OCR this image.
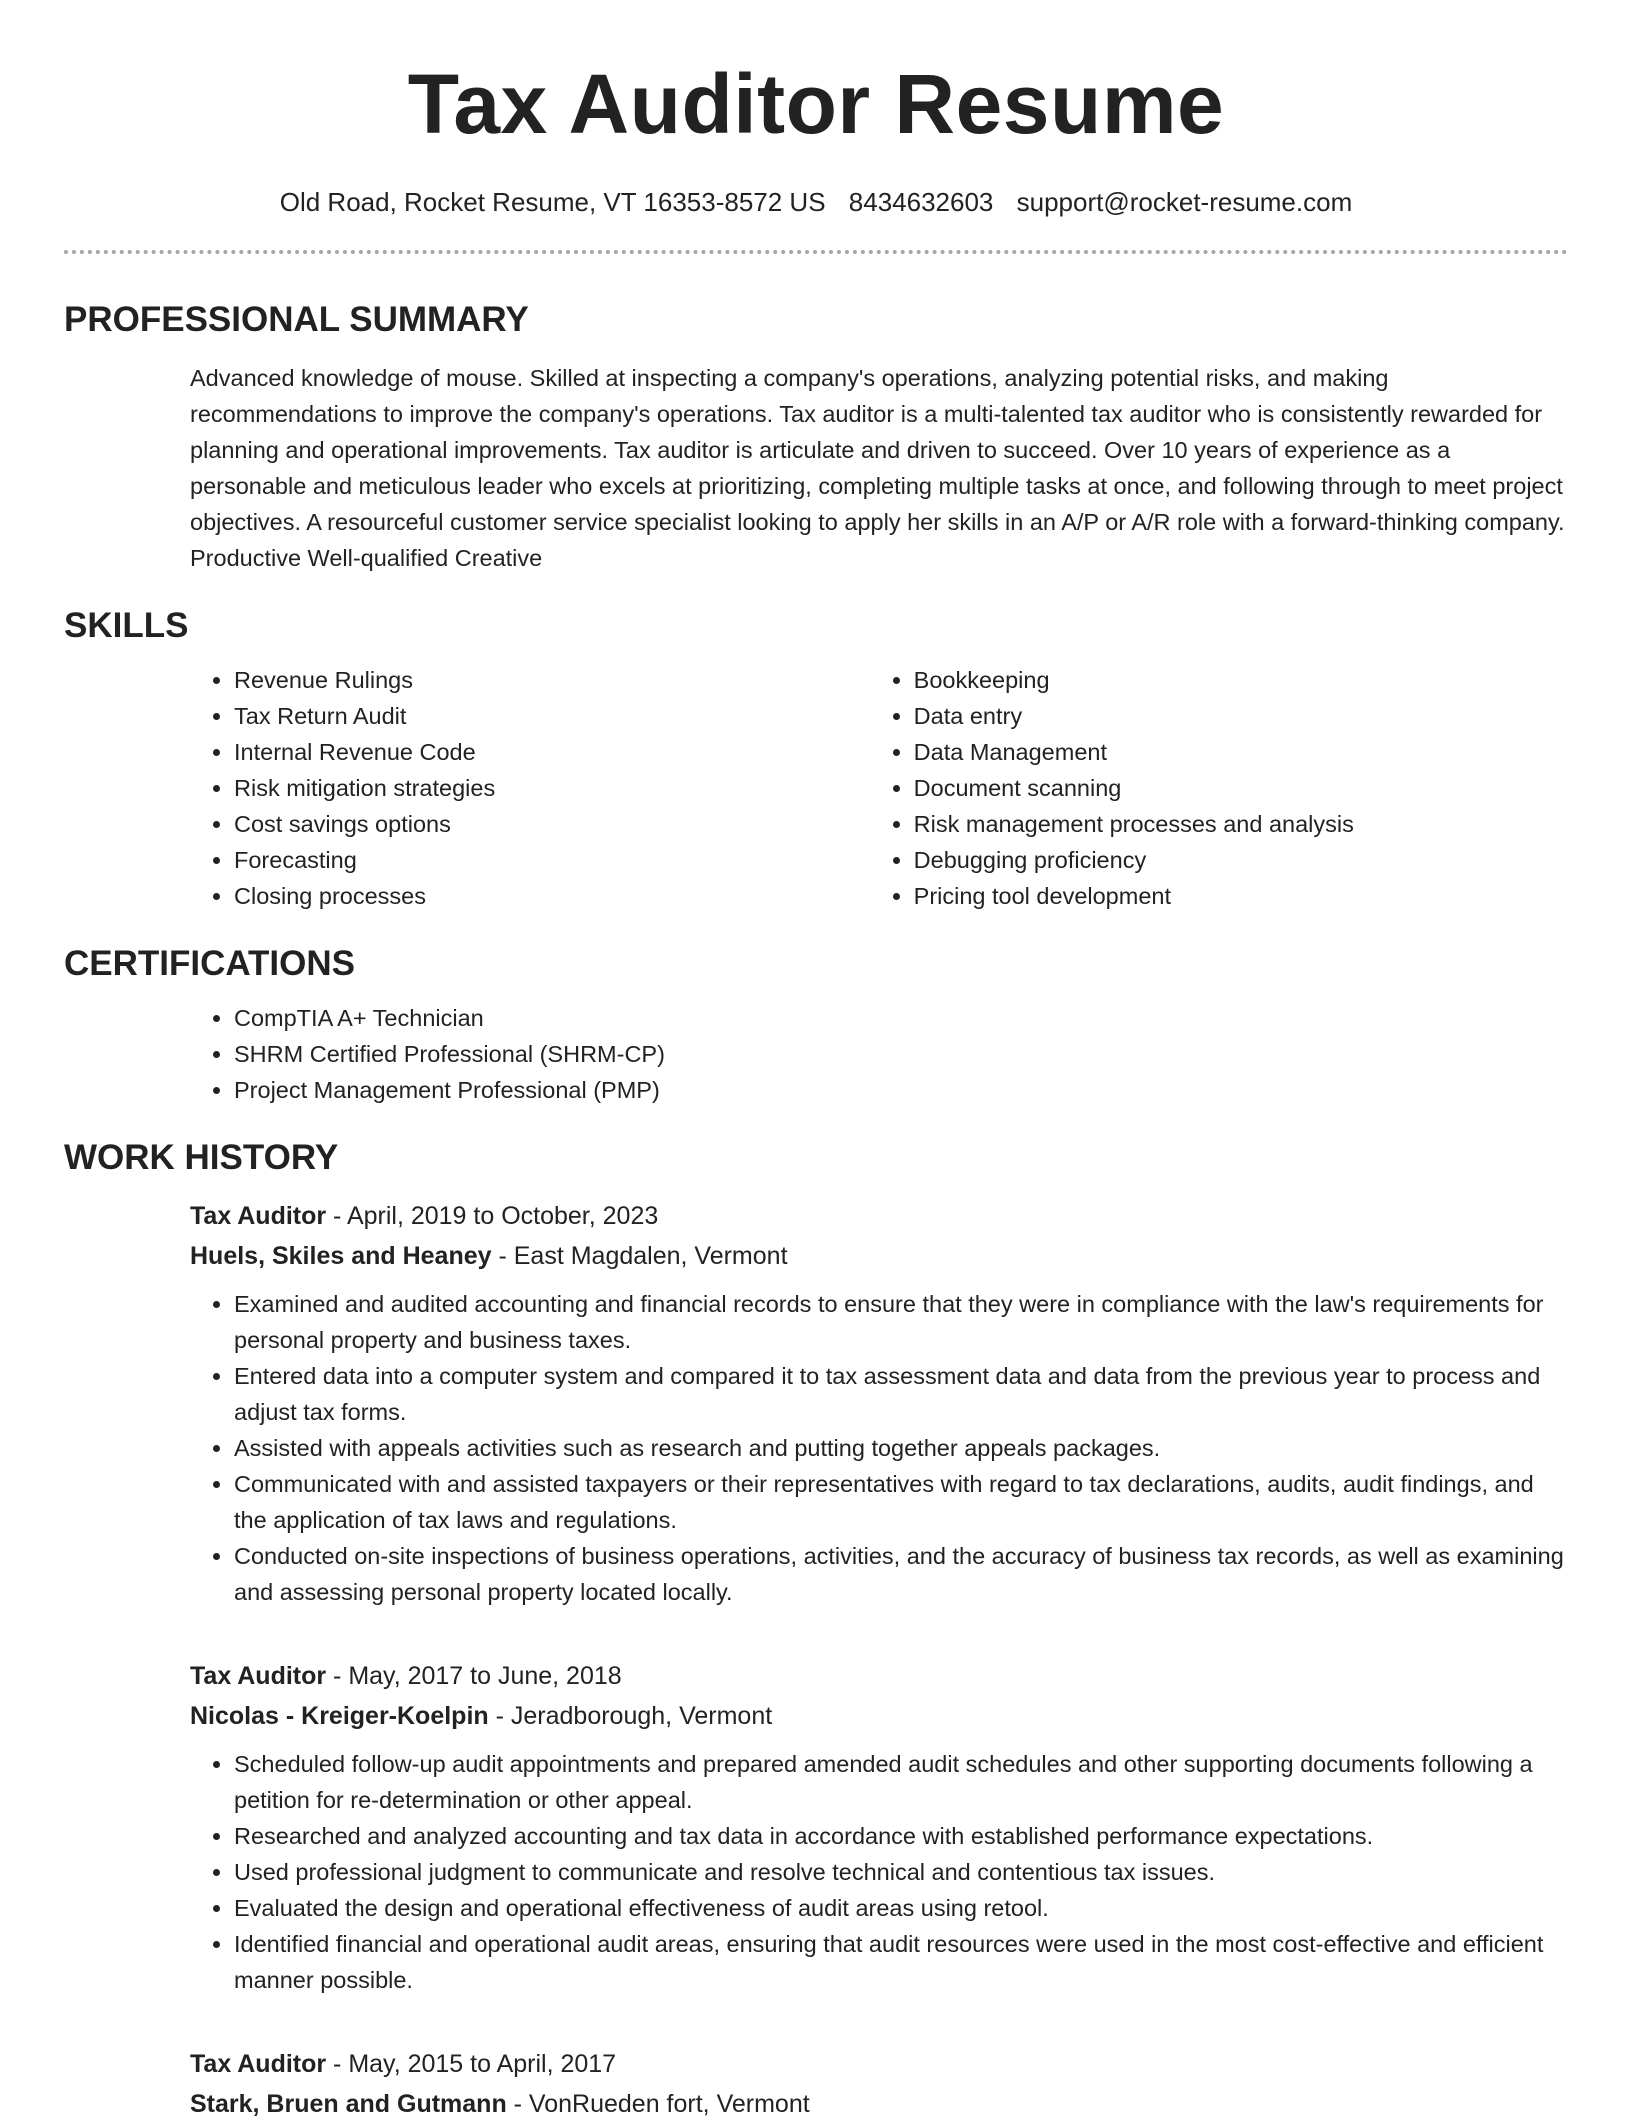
Tax Auditor Resume
Old Road, Rocket Resume, VT 16353-8572 US 8434632603 support@rocket-resume.com
PROFESSIONAL SUMMARY
Advanced knowledge of mouse. Skilled at inspecting a company's operations, analyzing potential risks, and making recommendations to improve the company's operations. Tax auditor is a multi-talented tax auditor who is consistently rewarded for planning and operational improvements. Tax auditor is articulate and driven to succeed. Over 10 years of experience as a personable and meticulous leader who excels at prioritizing, completing multiple tasks at once, and following through to meet project objectives. A resourceful customer service specialist looking to apply her skills in an A/P or A/R role with a forward-thinking company. Productive Well-qualified Creative
SKILLS
• Revenue Rulings
• Tax Return Audit
• Internal Revenue Code
• Risk mitigation strategies
• Cost savings options
• Forecasting
• Closing processes
• Bookkeeping
• Data entry
• Data Management
• Document scanning
• Risk management processes and analysis
• Debugging proficiency
• Pricing tool development
CERTIFICATIONS
• CompTIA A+ Technician
• SHRM Certified Professional (SHRM-CP)
• Project Management Professional (PMP)
WORK HISTORY
Tax Auditor - April, 2019 to October, 2023
Huels, Skiles and Heaney - East Magdalen, Vermont
• Examined and audited accounting and financial records to ensure that they were in compliance with the law's requirements for personal property and business taxes.
• Entered data into a computer system and compared it to tax assessment data and data from the previous year to process and adjust tax forms.
• Assisted with appeals activities such as research and putting together appeals packages.
• Communicated with and assisted taxpayers or their representatives with regard to tax declarations, audits, audit findings, and the application of tax laws and regulations.
• Conducted on-site inspections of business operations, activities, and the accuracy of business tax records, as well as examining and assessing personal property located locally.
Tax Auditor - May, 2017 to June, 2018
Nicolas - Kreiger-Koelpin - Jeradborough, Vermont
• Scheduled follow-up audit appointments and prepared amended audit schedules and other supporting documents following a petition for re-determination or other appeal.
• Researched and analyzed accounting and tax data in accordance with established performance expectations.
• Used professional judgment to communicate and resolve technical and contentious tax issues.
• Evaluated the design and operational effectiveness of audit areas using retool.
• Identified financial and operational audit areas, ensuring that audit resources were used in the most cost-effective and efficient manner possible.
Tax Auditor - May, 2015 to April, 2017
Stark, Bruen and Gutmann - VonRueden fort, Vermont
